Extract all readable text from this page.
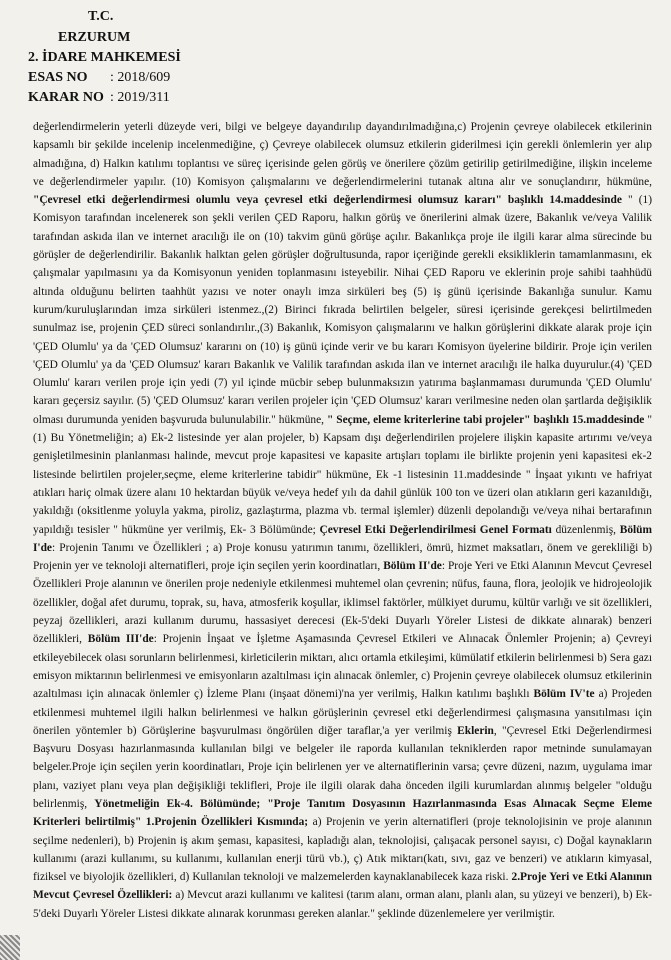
T.C.
ERZURUM
2. İDARE MAHKEMESİ
ESAS NO : 2018/609
KARAR NO : 2019/311

değerlendirmelerin yeterli düzeyde veri, bilgi ve belgeye dayandırılıp dayandırılmadığına,c) Projenin çevreye olabilecek etkilerinin kapsamlı bir şekilde incelenip incelenmediğine, ç) Çevreye olabilecek olumsuz etkilerin giderilmesi için gerekli önlemlerin yer alıp almadığına, d) Halkın katılımı toplantısı ve süreç içerisinde gelen görüş ve önerilere çözüm getirilip getirilmediğine, ilişkin inceleme ve değerlendirmeler yapılır. (10) Komisyon çalışmalarını ve değerlendirmelerini tutanak altına alır ve sonuçlandırır, hükmüne, "Çevresel etki değerlendirmesi olumlu veya çevresel etki değerlendirmesi olumsuz kararı" başlıklı 14.maddesinde " (1) Komisyon tarafından incelenerek son şekli verilen ÇED Raporu, halkın görüş ve önerilerini almak üzere, Bakanlık ve/veya Valilik tarafından askıda ilan ve internet aracılığı ile on (10) takvim günü görüşe açılır. Bakanlıkça proje ile ilgili karar alma sürecinde bu görüşler de değerlendirilir. Bakanlık halktan gelen görüşler doğrultusunda, rapor içeriğinde gerekli eksikliklerin tamamlanmasını, ek çalışmalar yapılmasını ya da Komisyonun yeniden toplanmasını isteyebilir. Nihai ÇED Raporu ve eklerinin proje sahibi taahhüdü altında olduğunu belirten taahhüt yazısı ve noter onaylı imza sirküleri beş (5) iş günü içerisinde Bakanlığa sunulur. Kamu kurum/kuruluşlarından imza sirküleri istenmez.,(2) Birinci fıkrada belirtilen belgeler, süresi içerisinde gerekçesi belirtilmeden sunulmaz ise, projenin ÇED süreci sonlandırılır.,(3) Bakanlık, Komisyon çalışmalarını ve halkın görüşlerini dikkate alarak proje için 'ÇED Olumlu' ya da 'ÇED Olumsuz' kararını on (10) iş günü içinde verir ve bu kararı Komisyon üyelerine bildirir. Proje için verilen 'ÇED Olumlu' ya da 'ÇED Olumsuz' kararı Bakanlık ve Valilik tarafından askıda ilan ve internet aracılığı ile halka duyurulur.(4) 'ÇED Olumlu' kararı verilen proje için yedi (7) yıl içinde mücbir sebep bulunmaksızın yatırıma başlanmaması durumunda 'ÇED Olumlu' kararı geçersiz sayılır. (5) 'ÇED Olumsuz' kararı verilen projeler için 'ÇED Olumsuz' kararı verilmesine neden olan şartlarda değişiklik olması durumunda yeniden başvuruda bulunulabilir." hükmüne, " Seçme, eleme kriterlerine tabi projeler" başlıklı 15.maddesinde "(1) Bu Yönetmeliğin; a) Ek-2 listesinde yer alan projeler, b) Kapsam dışı değerlendirilen projelere ilişkin kapasite artırımı ve/veya genişletilmesinin planlanması halinde, mevcut proje kapasitesi ve kapasite artışları toplamı ile birlikte projenin yeni kapasitesi ek-2 listesinde belirtilen projeler,seçme, eleme kriterlerine tabidir" hükmüne, Ek -1 listesinin 11.maddesinde " İnşaat yıkıntı ve hafriyat atıkları hariç olmak üzere alanı 10 hektardan büyük ve/veya hedef yılı da dahil günlük 100 ton ve üzeri olan atıkların geri kazanıldığı, yakıldığı (oksitlenme yoluyla yakma, piroliz, gazlaştırma, plazma vb. termal işlemler) düzenli depolandığı ve/veya nihai bertarafının yapıldığı tesisler " hükmüne yer verilmiş, Ek- 3 Bölümünde; Çevresel Etki Değerlendirilmesi Genel Formatı düzenlenmiş, Bölüm I'de: Projenin Tanımı ve Özellikleri ; a) Proje konusu yatırımın tanımı, özellikleri, ömrü, hizmet maksatları, önem ve gerekliliği b) Projenin yer ve teknoloji alternatifleri, proje için seçilen yerin koordinatları, Bölüm II'de: Proje Yeri ve Etki Alanının Mevcut Çevresel Özellikleri Proje alanının ve önerilen proje nedeniyle etkilenmesi muhtemel olan çevrenin; nüfus, fauna, flora, jeolojik ve hidrojeolojik özellikler, doğal afet durumu, toprak, su, hava, atmosferik koşullar, iklimsel faktörler, mülkiyet durumu, kültür varlığı ve sit özellikleri, peyzaj özellikleri, arazi kullanım durumu, hassasiyet derecesi (Ek-5'deki Duyarlı Yöreler Listesi de dikkate alınarak) benzeri özellikleri, Bölüm III'de: Projenin İnşaat ve İşletme Aşamasında Çevresel Etkileri ve Alınacak Önlemler Projenin; a) Çevreyi etkileyebilecek olası sorunların belirlenmesi, kirleticilerin miktarı, alıcı ortamla etkileşimi, kümülatif etkilerin belirlenmesi b) Sera gazı emisyon miktarının belirlenmesi ve emisyonların azaltılması için alınacak önlemler, c) Projenin çevreye olabilecek olumsuz etkilerinin azaltılması için alınacak önlemler ç) İzleme Planı (inşaat dönemi)'na yer verilmiş, Halkın katılımı başlıklı Bölüm IV'te a) Projeden etkilenmesi muhtemel ilgili halkın belirlenmesi ve halkın görüşlerinin çevresel etki değerlendirmesi çalışmasına yansıtılması için önerilen yöntemler b) Görüşlerine başvurulması öngörülen diğer taraflar,'a yer verilmiş Eklerin, "Çevresel Etki Değerlendirmesi Başvuru Dosyası hazırlanmasında kullanılan bilgi ve belgeler ile raporda kullanılan tekniklerden rapor metninde sunulamayan belgeler.Proje için seçilen yerin koordinatları, Proje için belirlenen yer ve alternatiflerinin varsa; çevre düzeni, nazım, uygulama imar planı, vaziyet planı veya plan değişikliği teklifleri, Proje ile ilgili olarak daha önceden ilgili kurumlardan alınmış belgeler "olduğu belirlenmiş, Yönetmeliğin Ek-4. Bölümünde; "Proje Tanıtım Dosyasının Hazırlanmasında Esas Alınacak Seçme Eleme Kriterleri belirtilmiş" 1.Projenin Özellikleri Kısmında; a) Projenin ve yerin alternatifleri (proje teknolojisinin ve proje alanının seçilme nedenleri), b) Projenin iş akım şeması, kapasitesi, kapladığı alan, teknolojisi, çalışacak personel sayısı, c) Doğal kaynakların kullanımı (arazi kullanımı, su kullanımı, kullanılan enerji türü vb.), ç) Atık miktarı(katı, sıvı, gaz ve benzeri) ve atıkların kimyasal, fiziksel ve biyolojik özellikleri, d) Kullanılan teknoloji ve malzemelerden kaynaklanabilecek kaza riski. 2.Proje Yeri ve Etki Alanının Mevcut Çevresel Özellikleri: a) Mevcut arazi kullanımı ve kalitesi (tarım alanı, orman alanı, planlı alan, su yüzeyi ve benzeri), b) Ek-5'deki Duyarlı Yöreler Listesi dikkate alınarak korunması gereken alanlar." şeklinde düzenlemelere yer verilmiştir.
